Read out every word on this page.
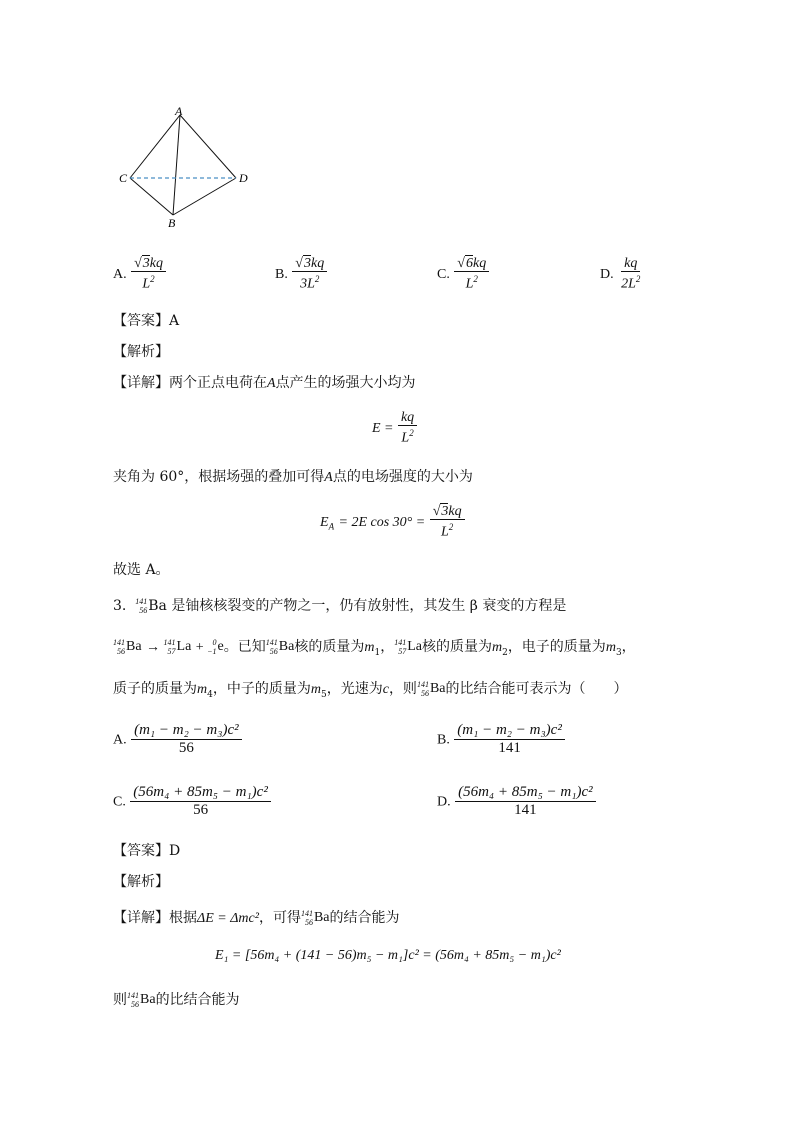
A
C	D
B
A. $\frac{√3kq}{L^2}$	B. $\frac{√3kq}{3L^2}$	C. $\frac{√6kq}{L^2}$	D. $\frac{kq}{2L^2}$
【答案】A
【解析】
【详解】两个正点电荷在A点产生的场强大小均为
$E = \frac{kq}{L^2}$
夹角为 60°，根据场强的叠加可得A点的电场强度的大小为
$E_A = 2E$ $\cos 30^\circ = \frac{√3kq}{L^2}$
故选 A。
3. 141
56 Ba 是铀核核裂变的产物之一，仍有放射性，其发生 β 衰变的方程是
141
56 Ba → 141
57 La + 0
−1 e 。已知 141
56 Ba 核的质量为$m_1$， 141
57 La 核的质量为$m_2$，电子的质量为$m_3$，
质子的质量为$m_4$，中子的质量为$m_5$，光速为c，则 141
56 Ba 的比结合能可表示为（　　）
A. $\frac{\text{(m₁ − m₂ − m₃)c²}}{56}$	B. $\frac{\text{(m₁ − m₂ − m₃)c²}}{141}$
C. $\frac{\text{(56m₄ + 85m₅ − m₁)c²}}{56}$	D. $\frac{\text{(56m₄ + 85m₅ − m₁)c²}}{141}$
【答案】D
【解析】
【详解】根据ΔE = Δmc²，可得 141
56 Ba 的结合能为
E₁ = [56m₄ + (141 − 56)m₅ − m₁]c² = (56m₄ + 85m₅ − m₁)c²
则 141
56 Ba 的比结合能为
